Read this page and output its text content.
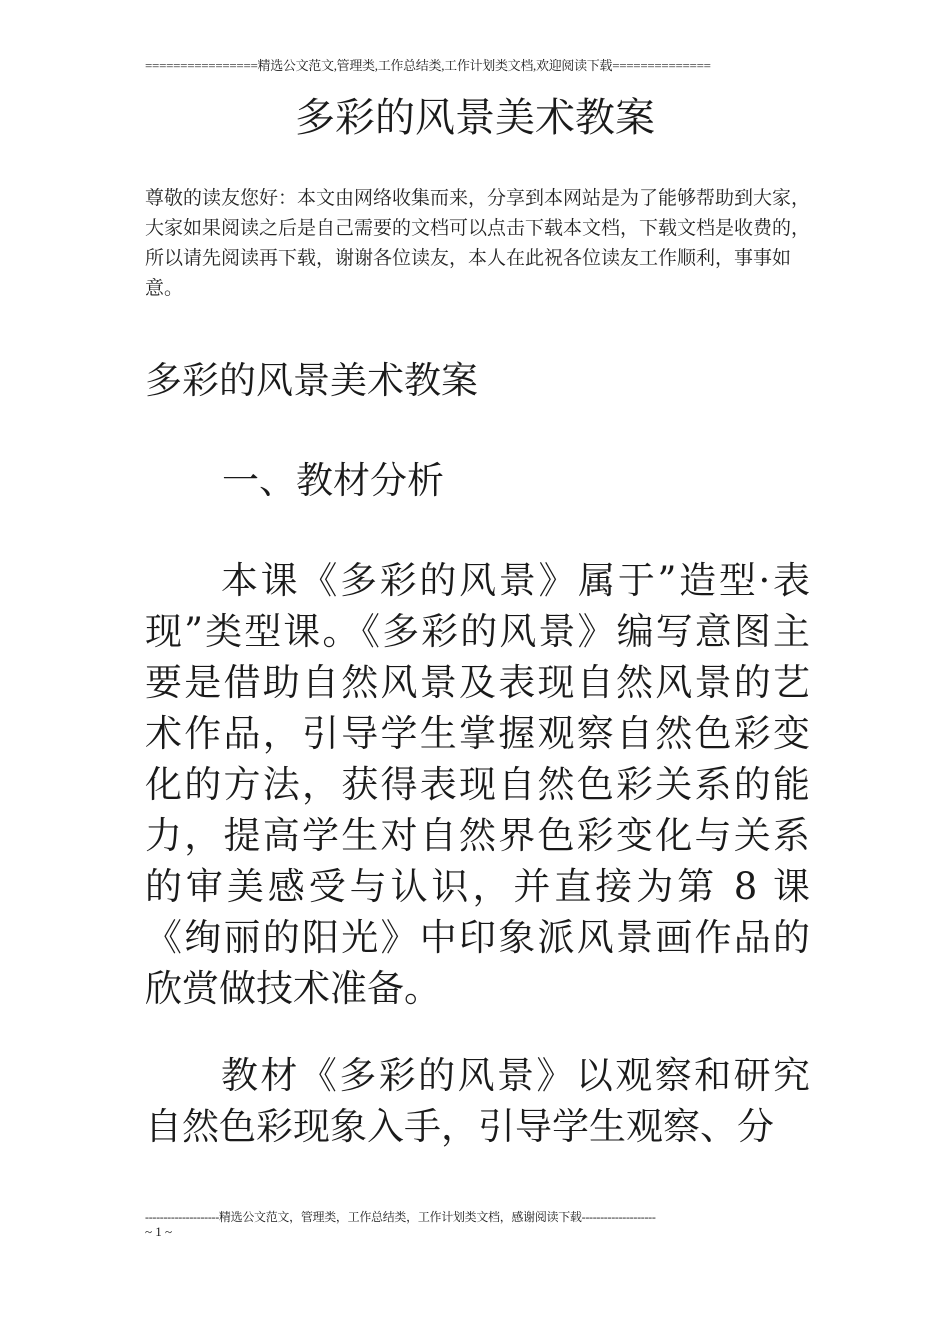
================精选公文范文,管理类,工作总结类,工作计划类文档,欢迎阅读下载==============
多彩的风景美术教案
尊敬的读友您好：本文由网络收集而来，分享到本网站是为了能够帮助到大家，大家如果阅读之后是自己需要的文档可以点击下载本文档，下载文档是收费的，所以请先阅读再下载，谢谢各位读友，本人在此祝各位读友工作顺利，事事如意。
多彩的风景美术教案
一、教材分析

本课《多彩的风景》属于”造型·表现”类型课。《多彩的风景》编写意图主要是借助自然风景及表现自然风景的艺术作品，引导学生掌握观察自然色彩变化的方法，获得表现自然色彩关系的能力，提高学生对自然界色彩变化与关系的审美感受与认识，并直接为第 8 课《绚丽的阳光》中印象派风景画作品的欣赏做技术准备。

教材《多彩的风景》以观察和研究自然色彩现象入手，引导学生观察、分

--------------------精选公文范文，管理类，工作总结类，工作计划类文档，感谢阅读下载--------------------
~ 1 ~
